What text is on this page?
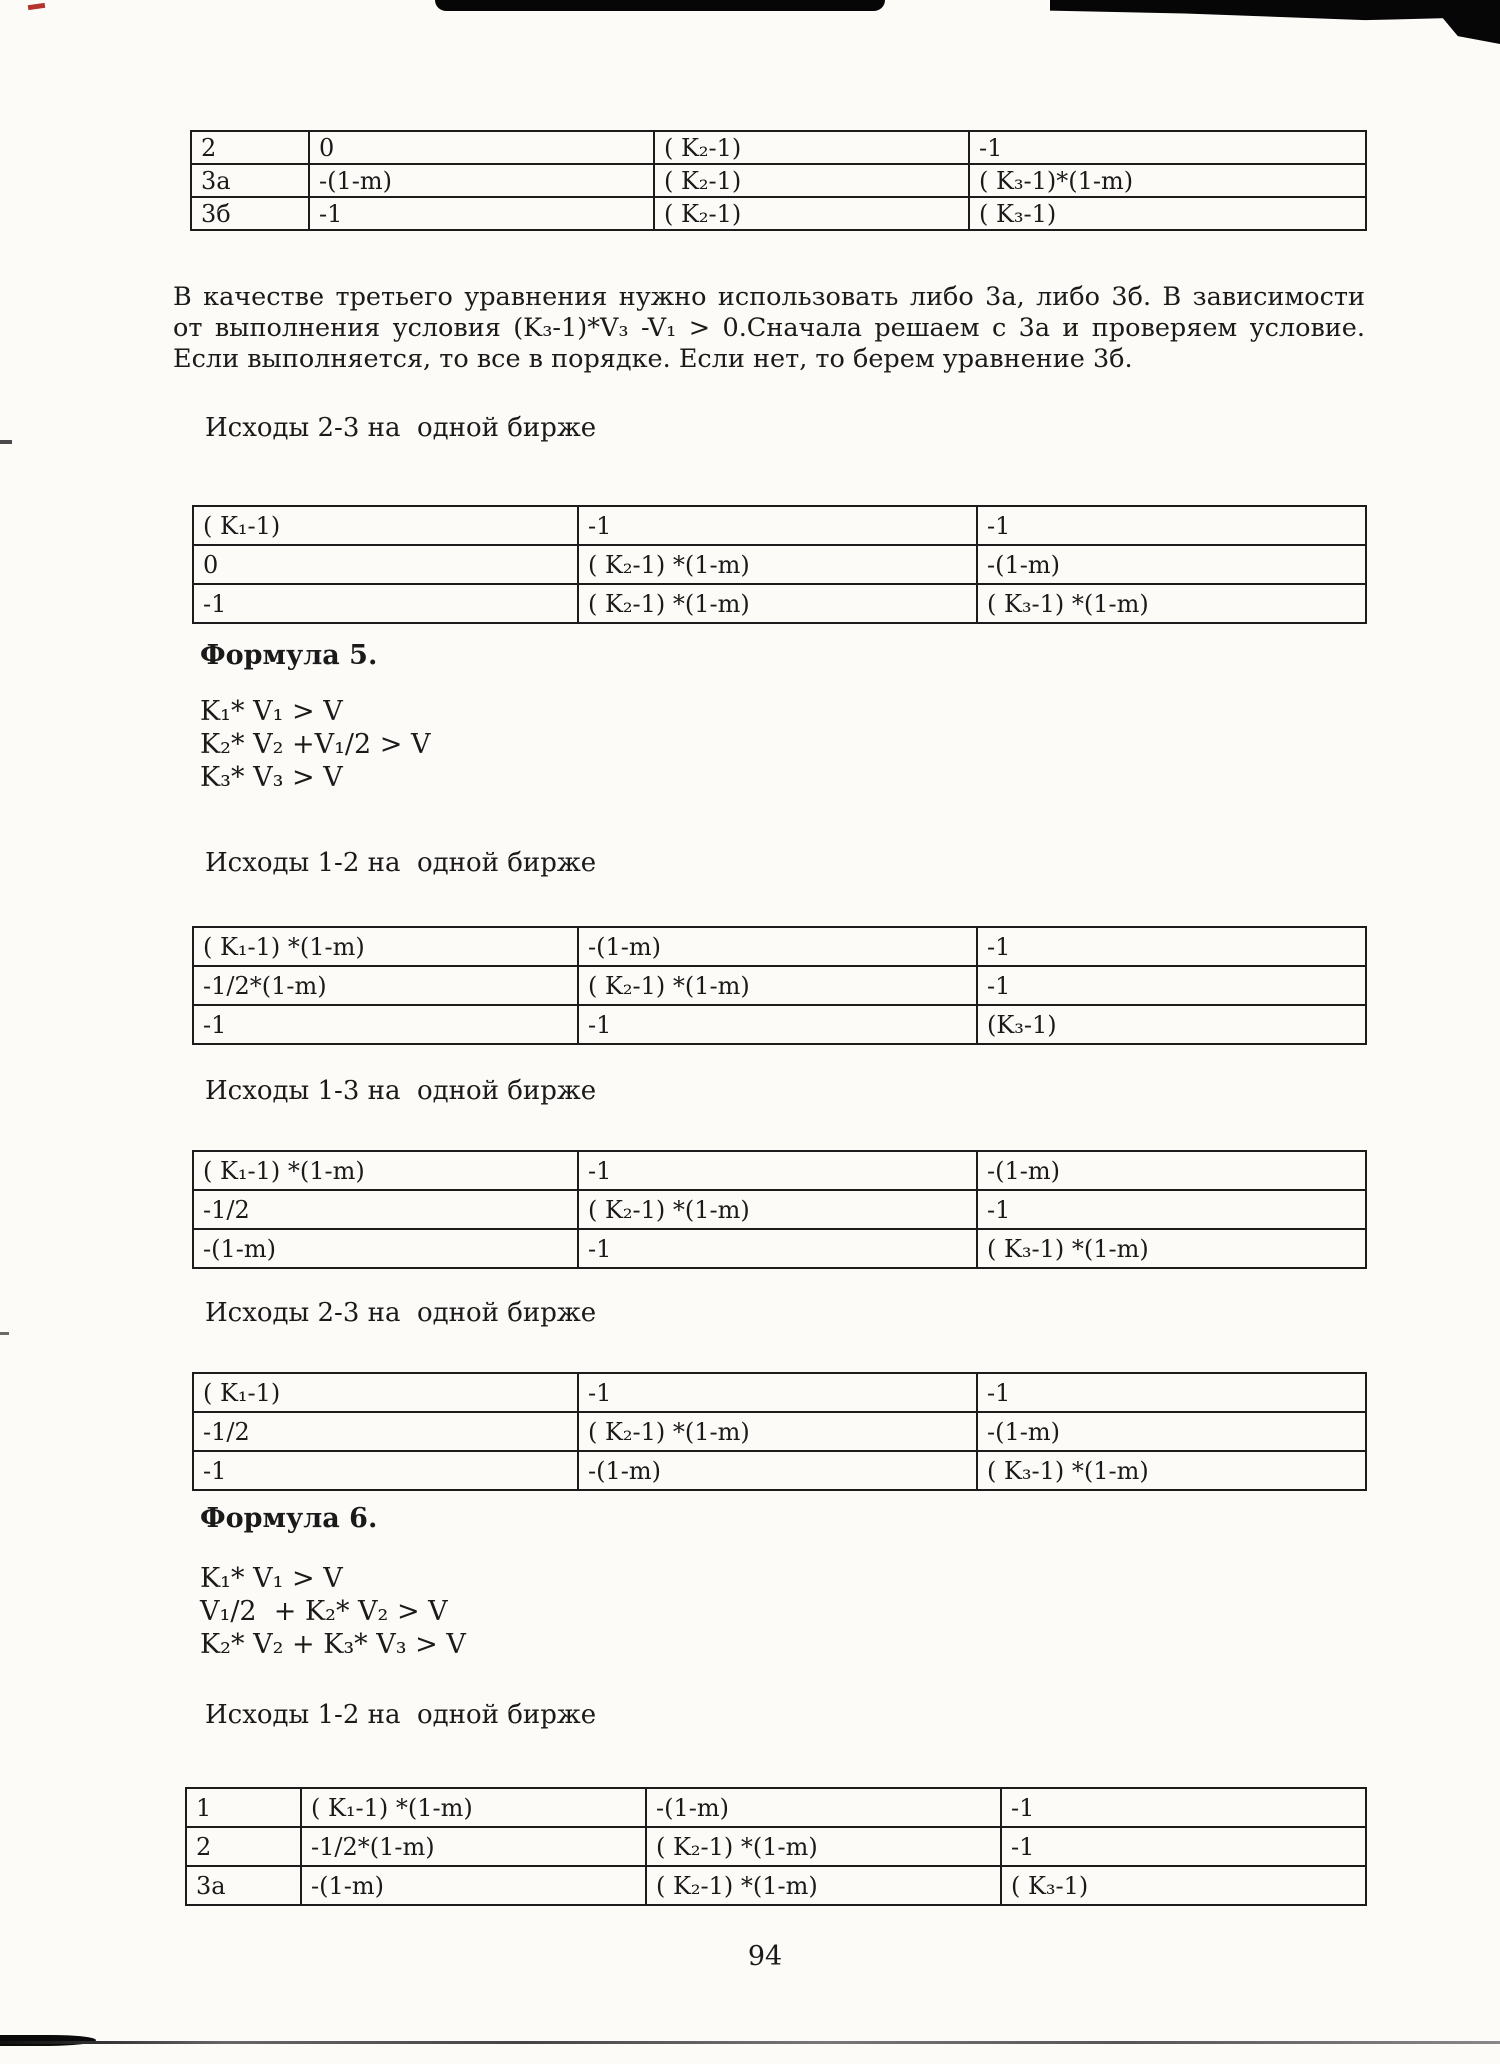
2	0	( K₂-1)	-1
3а	-(1-m)	( K₂-1)	( K₃-1)*(1-m)
3б	-1	( K₂-1)	( K₃-1)

В качестве третьего уравнения нужно использовать либо 3а, либо 3б. В зависимости от выполнения условия (K₃-1)*V₃ -V₁ > 0.Сначала решаем с 3а и проверяем условие. Если выполняется, то все в порядке. Если нет, то берем уравнение 3б.

Исходы 2-3 на  одной бирже
( K₁-1)	-1	-1
0	( K₂-1) *(1-m)	-(1-m)
-1	( K₂-1) *(1-m)	( K₃-1) *(1-m)
Формула 5.
K₁* V₁ > V
K₂* V₂ +V₁/2 > V
K₃* V₃ > V
Исходы 1-2 на  одной бирже
( K₁-1) *(1-m)	-(1-m)	-1
-1/2*(1-m)	( K₂-1) *(1-m)	-1
-1	-1	(K₃-1)
Исходы 1-3 на  одной бирже
( K₁-1) *(1-m)	-1	-(1-m)
-1/2	( K₂-1) *(1-m)	-1
-(1-m)	-1	( K₃-1) *(1-m)
Исходы 2-3 на  одной бирже
( K₁-1)	-1	-1
-1/2	( K₂-1) *(1-m)	-(1-m)
-1	-(1-m)	( K₃-1) *(1-m)
Формула 6.
K₁* V₁ > V
V₁/2  + K₂* V₂ > V
K₂* V₂ + K₃* V₃ > V
Исходы 1-2 на  одной бирже
1	( K₁-1) *(1-m)	-(1-m)	-1
2	-1/2*(1-m)	( K₂-1) *(1-m)	-1
3а	-(1-m)	( K₂-1) *(1-m)	( K₃-1)
94
